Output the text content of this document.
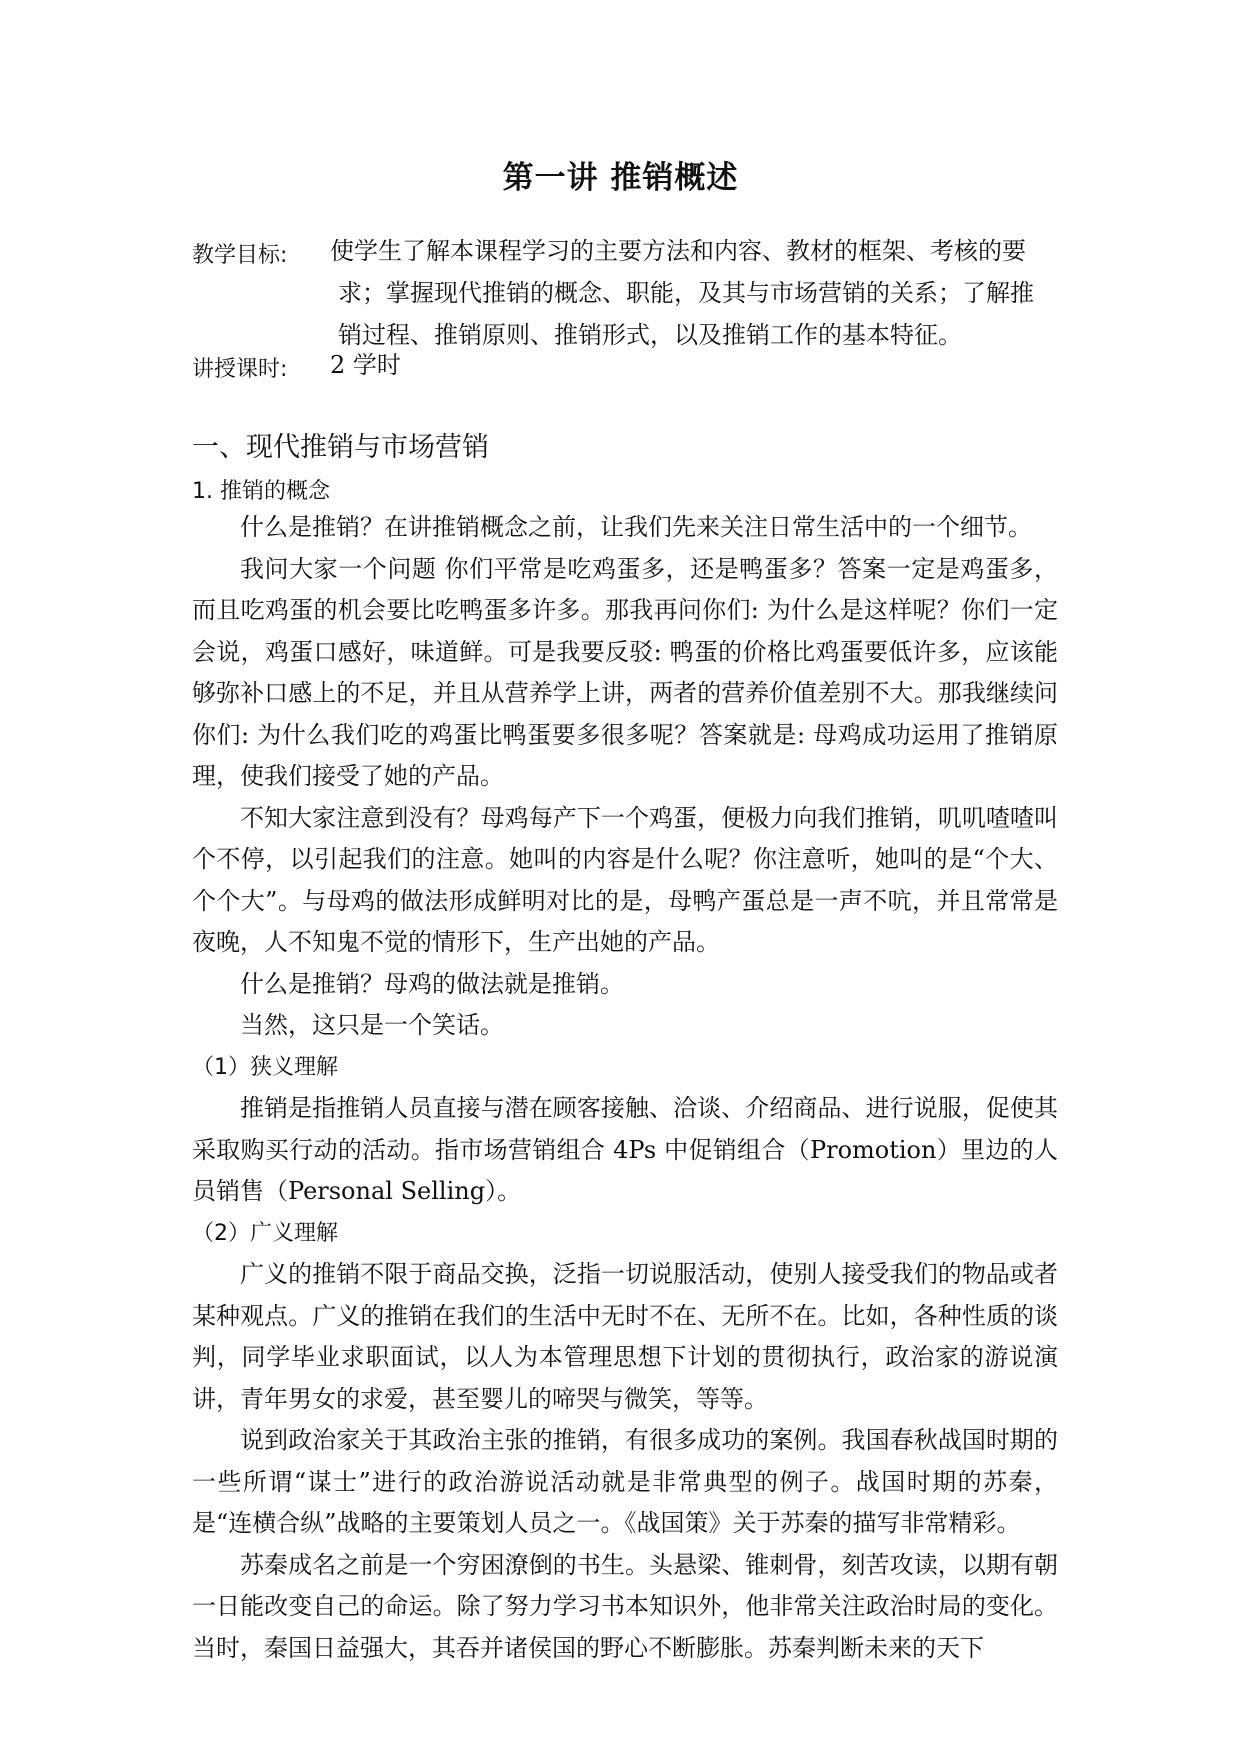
第一讲 推销概述
教学目标: 使学生了解本课程学习的主要方法和内容、教材的框架、考核的要
求；掌握现代推销的概念、职能，及其与市场营销的关系；了解推
销过程、推销原则、推销形式，以及推销工作的基本特征。
讲授课时: 2 学时
一、现代推销与市场营销
1. 推销的概念

什么是推销？在讲推销概念之前，让我们先来关注日常生活中的一个细节。

我问大家一个问题 你们平常是吃鸡蛋多，还是鸭蛋多？答案一定是鸡蛋多，而且吃鸡蛋的机会要比吃鸭蛋多许多。那我再问你们: 为什么是这样呢？你们一定会说，鸡蛋口感好，味道鲜。可是我要反驳: 鸭蛋的价格比鸡蛋要低许多，应该能够弥补口感上的不足，并且从营养学上讲，两者的营养价值差别不大。那我继续问你们: 为什么我们吃的鸡蛋比鸭蛋要多很多呢？答案就是: 母鸡成功运用了推销原理，使我们接受了她的产品。

不知大家注意到没有？母鸡每产下一个鸡蛋，便极力向我们推销，叽叽喳喳叫个不停，以引起我们的注意。她叫的内容是什么呢？你注意听，她叫的是“个大、个个大”。与母鸡的做法形成鲜明对比的是，母鸭产蛋总是一声不吭，并且常常是夜晚，人不知鬼不觉的情形下，生产出她的产品。

什么是推销？母鸡的做法就是推销。

当然，这只是一个笑话。

（1）狭义理解

推销是指推销人员直接与潜在顾客接触、洽谈、介绍商品、进行说服，促使其采取购买行动的活动。指市场营销组合 4Ps 中促销组合（Promotion）里边的人员销售（Personal Selling）。

（2）广义理解

广义的推销不限于商品交换，泛指一切说服活动，使别人接受我们的物品或者某种观点。广义的推销在我们的生活中无时不在、无所不在。比如，各种性质的谈判，同学毕业求职面试，以人为本管理思想下计划的贯彻执行，政治家的游说演讲，青年男女的求爱，甚至婴儿的啼哭与微笑，等等。

说到政治家关于其政治主张的推销，有很多成功的案例。我国春秋战国时期的一些所谓“谋士”进行的政治游说活动就是非常典型的例子。战国时期的苏秦，是“连横合纵”战略的主要策划人员之一。《战国策》关于苏秦的描写非常精彩。

苏秦成名之前是一个穷困潦倒的书生。头悬梁、锥刺骨，刻苦攻读，以期有朝一日能改变自己的命运。除了努力学习书本知识外，他非常关注政治时局的变化。当时，秦国日益强大，其吞并诸侯国的野心不断膨胀。苏秦判断未来的天下
